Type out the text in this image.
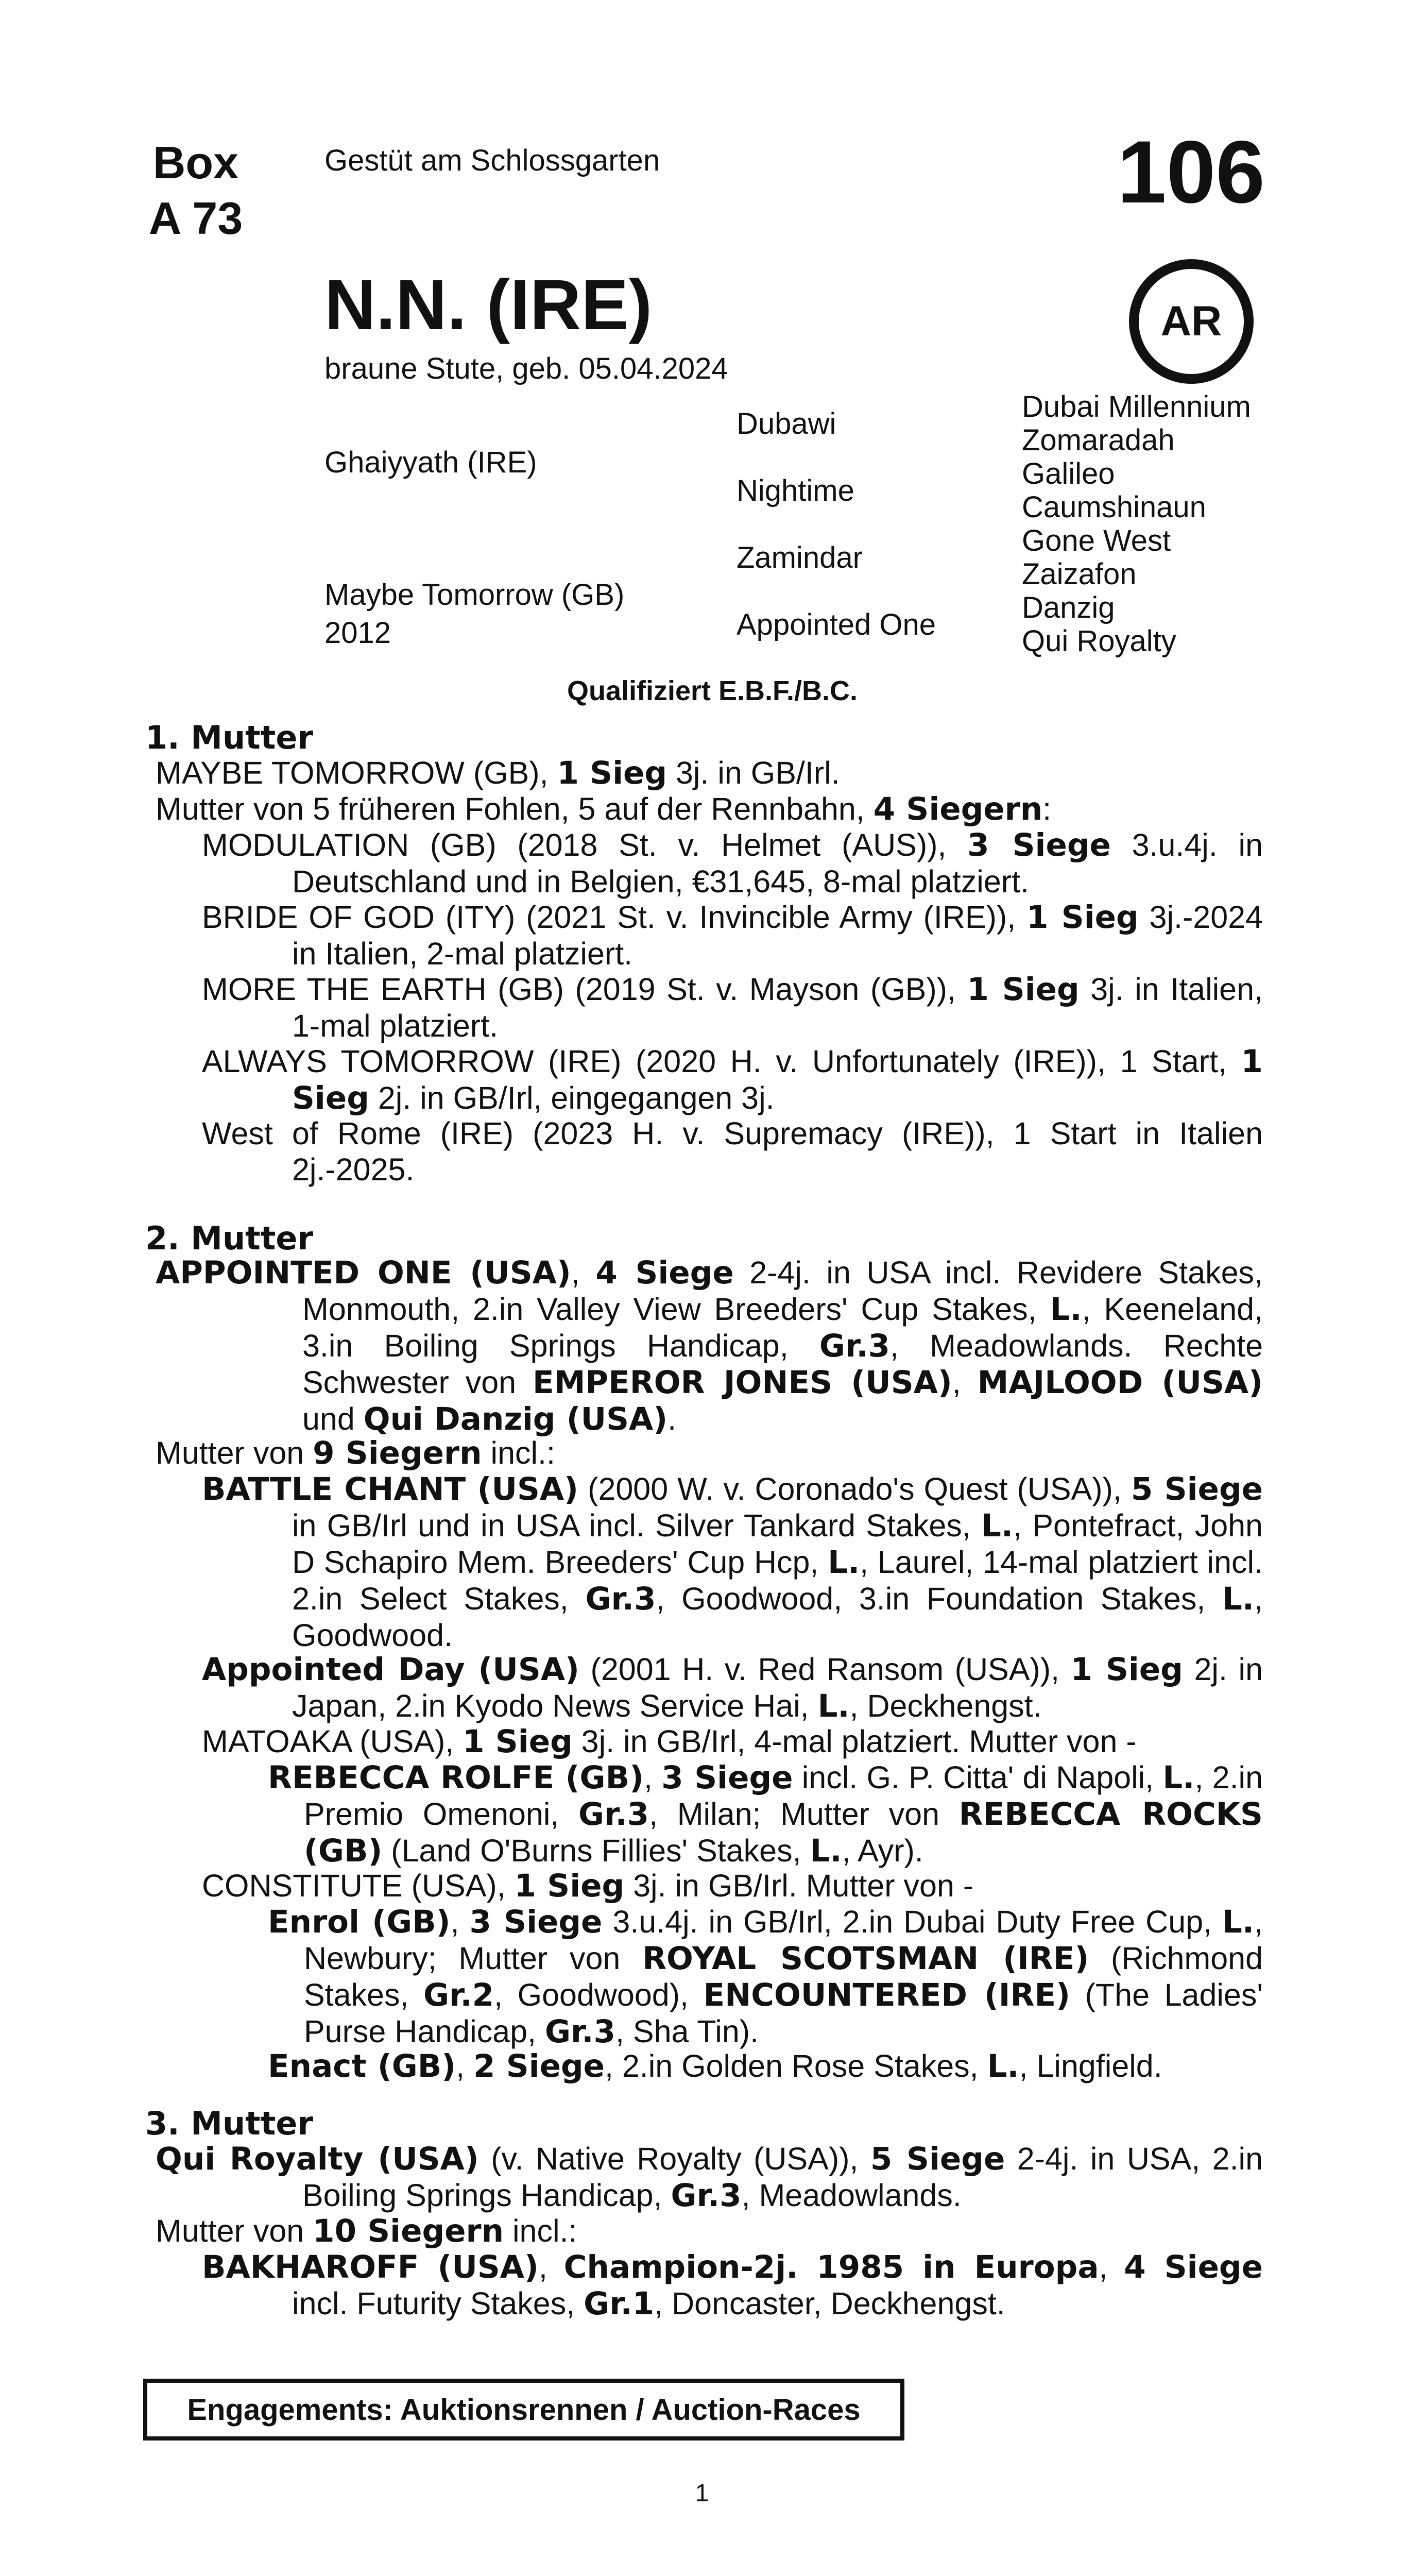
Box
A 73
Gestüt am Schlossgarten	106
AR
N.N. (IRE)
braune Stute, geb. 05.04.2024
Ghaiyyath (IRE)
Maybe Tomorrow (GB)
2012
Dubawi
Nightime
Zamindar
Appointed One
Dubai Millennium
Zomaradah
Galileo
Caumshinaun
Gone West
Zaizafon
Danzig
Qui Royalty
Qualifiziert E.B.F./B.C.
1. Mutter
MAYBE TOMORROW (GB), 1 Sieg 3j. in GB/Irl.
Mutter von 5 früheren Fohlen, 5 auf der Rennbahn, 4 Siegern:
MODULATION (GB) (2018 St. v. Helmet (AUS)), 3 Siege 3.u.4j. in Deutschland und in Belgien, €31,645, 8-mal platziert.
BRIDE OF GOD (ITY) (2021 St. v. Invincible Army (IRE)), 1 Sieg 3j.-2024 in Italien, 2-mal platziert.
MORE THE EARTH (GB) (2019 St. v. Mayson (GB)), 1 Sieg 3j. in Italien, 1-mal platziert.
ALWAYS TOMORROW (IRE) (2020 H. v. Unfortunately (IRE)), 1 Start, 1 Sieg 2j. in GB/Irl, eingegangen 3j.
West of Rome (IRE) (2023 H. v. Supremacy (IRE)), 1 Start in Italien 2j.-2025.
2. Mutter
APPOINTED ONE (USA), 4 Siege 2-4j. in USA incl. Revidere Stakes, Monmouth, 2.in Valley View Breeders' Cup Stakes, L., Keeneland, 3.in Boiling Springs Handicap, Gr.3, Meadowlands. Rechte Schwester von EMPEROR JONES (USA), MAJLOOD (USA) und Qui Danzig (USA).
Mutter von 9 Siegern incl.:
BATTLE CHANT (USA) (2000 W. v. Coronado's Quest (USA)), 5 Siege in GB/Irl und in USA incl. Silver Tankard Stakes, L., Pontefract, John D Schapiro Mem. Breeders' Cup Hcp, L., Laurel, 14-mal platziert incl. 2.in Select Stakes, Gr.3, Goodwood, 3.in Foundation Stakes, L., Goodwood.
Appointed Day (USA) (2001 H. v. Red Ransom (USA)), 1 Sieg 2j. in Japan, 2.in Kyodo News Service Hai, L., Deckhengst.
MATOAKA (USA), 1 Sieg 3j. in GB/Irl, 4-mal platziert. Mutter von -
REBECCA ROLFE (GB), 3 Siege incl. G. P. Citta' di Napoli, L., 2.in Premio Omenoni, Gr.3, Milan; Mutter von REBECCA ROCKS (GB) (Land O'Burns Fillies' Stakes, L., Ayr).
CONSTITUTE (USA), 1 Sieg 3j. in GB/Irl. Mutter von -
Enrol (GB), 3 Siege 3.u.4j. in GB/Irl, 2.in Dubai Duty Free Cup, L., Newbury; Mutter von ROYAL SCOTSMAN (IRE) (Richmond Stakes, Gr.2, Goodwood), ENCOUNTERED (IRE) (The Ladies' Purse Handicap, Gr.3, Sha Tin).
Enact (GB), 2 Siege, 2.in Golden Rose Stakes, L., Lingfield.
3. Mutter
Qui Royalty (USA) (v. Native Royalty (USA)), 5 Siege 2-4j. in USA, 2.in Boiling Springs Handicap, Gr.3, Meadowlands.
Mutter von 10 Siegern incl.:
BAKHAROFF (USA), Champion-2j. 1985 in Europa, 4 Siege incl. Futurity Stakes, Gr.1, Doncaster, Deckhengst.
Engagements: Auktionsrennen / Auction-Races
1
